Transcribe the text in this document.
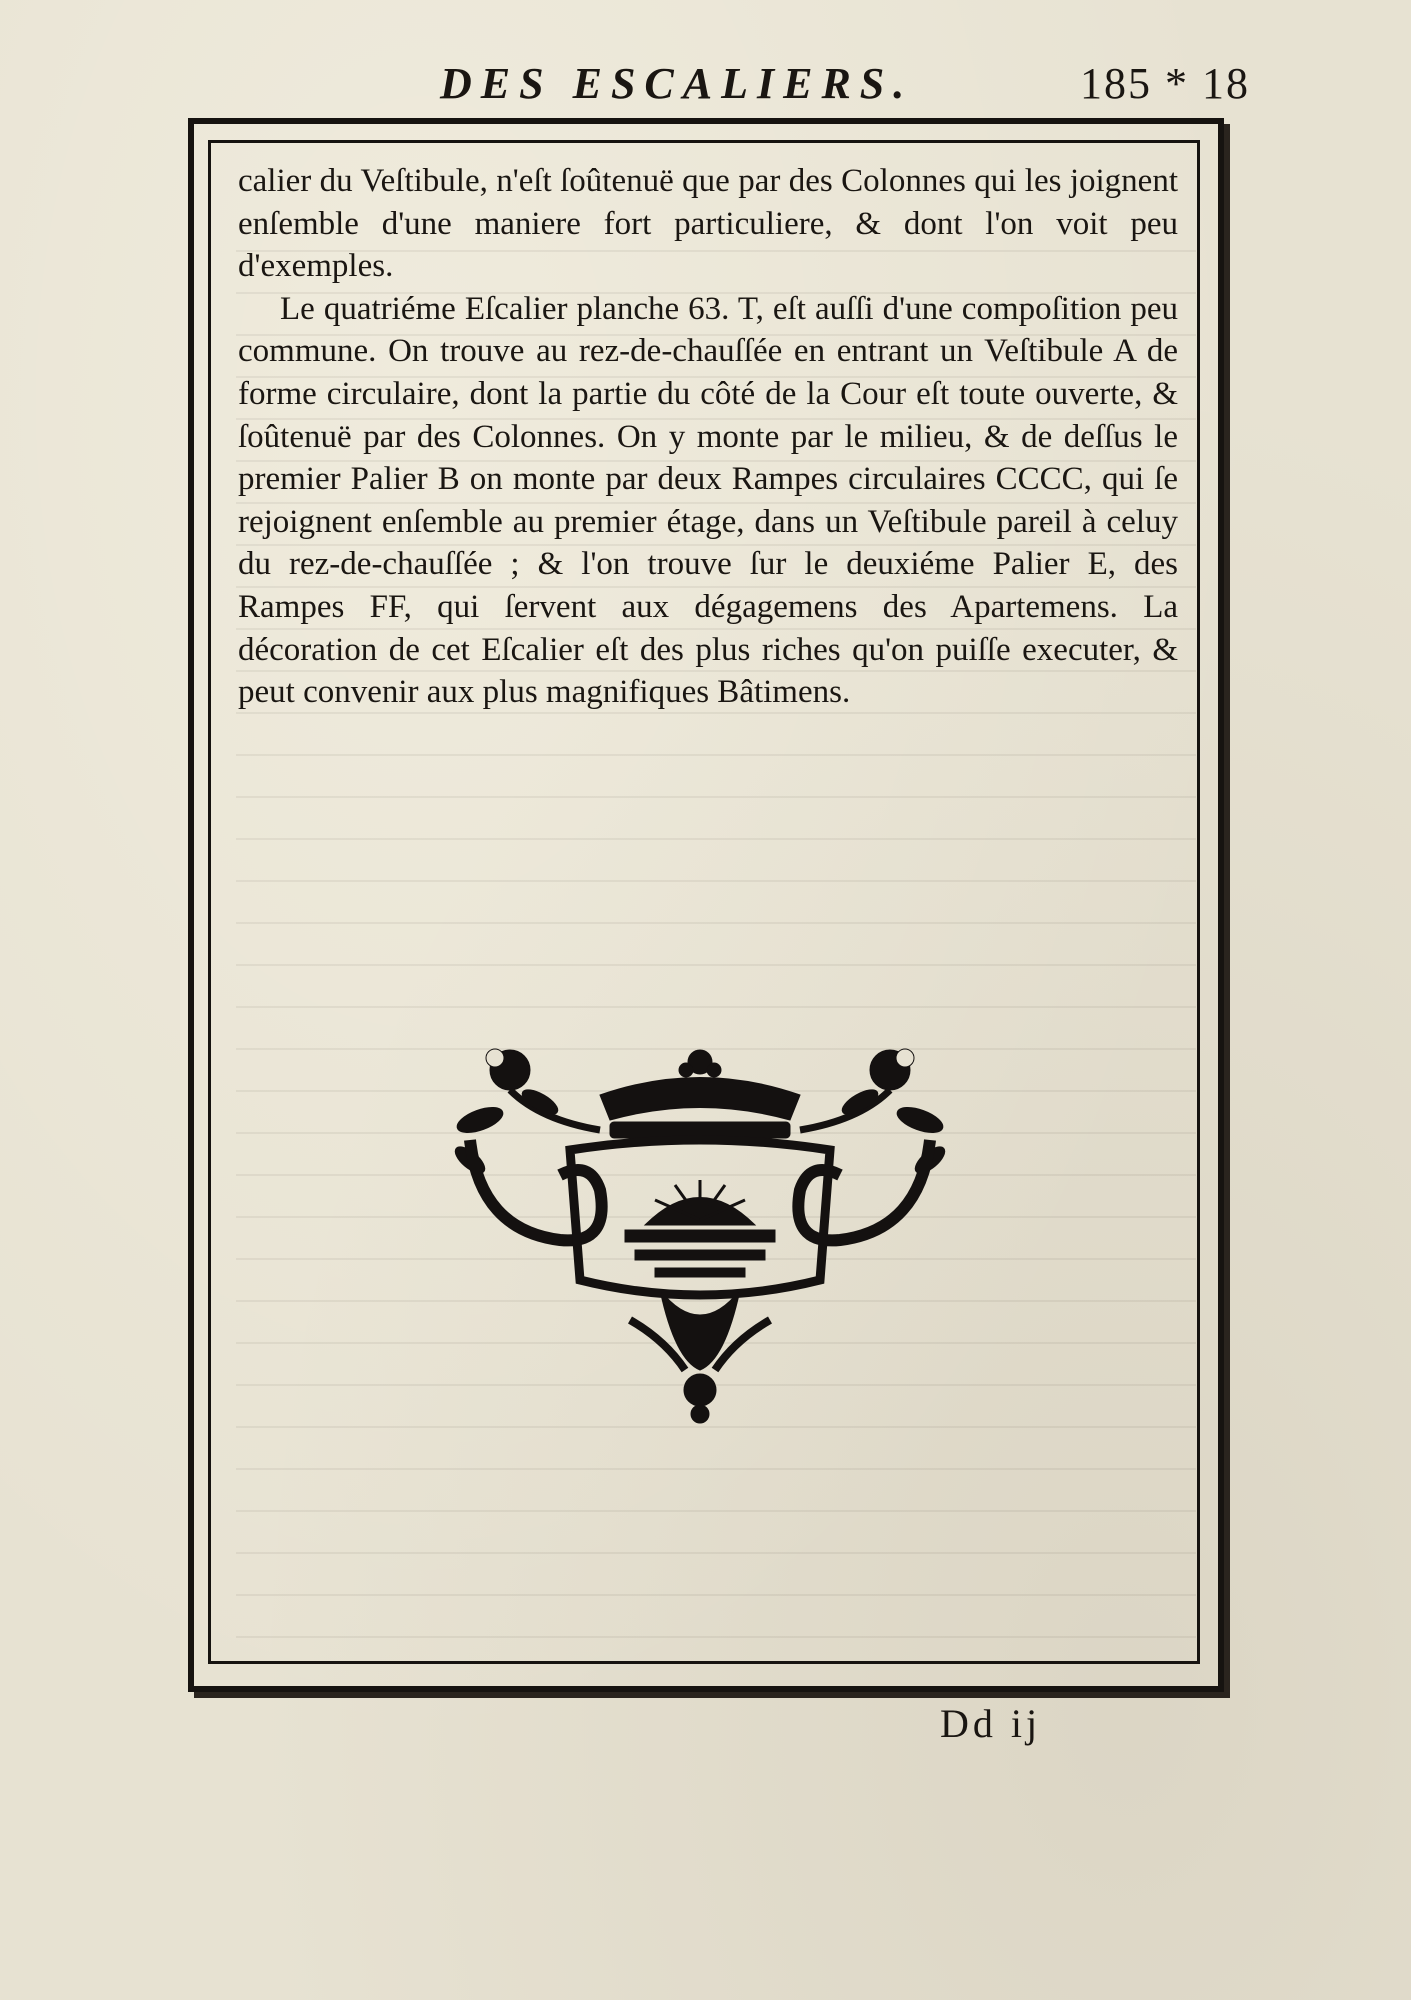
DES ESCALIERS.	185 * 18

calier du Veſtibule, n'eſt ſoûtenuë que par des Colonnes qui les joignent enſemble d'une maniere fort particuliere, & dont l'on voit peu d'exemples.

Le quatriéme Eſcalier planche 63. T, eſt auſſi d'une compoſition peu commune. On trouve au rez-de-chauſſée en entrant un Veſtibule A de forme circulaire, dont la partie du côté de la Cour eſt toute ouverte, & ſoûtenuë par des Colonnes. On y monte par le milieu, & de deſſus le premier Palier B on monte par deux Rampes circulaires CCCC, qui ſe rejoignent enſemble au premier étage, dans un Veſtibule pareil à celuy du rez-de-chauſſée ; & l'on trouve ſur le deuxiéme Palier E, des Rampes FF, qui ſervent aux dégagemens des Apartemens. La décoration de cet Eſcalier eſt des plus riches qu'on puiſſe executer, & peut convenir aux plus magnifiques Bâtimens.

Dd ij
